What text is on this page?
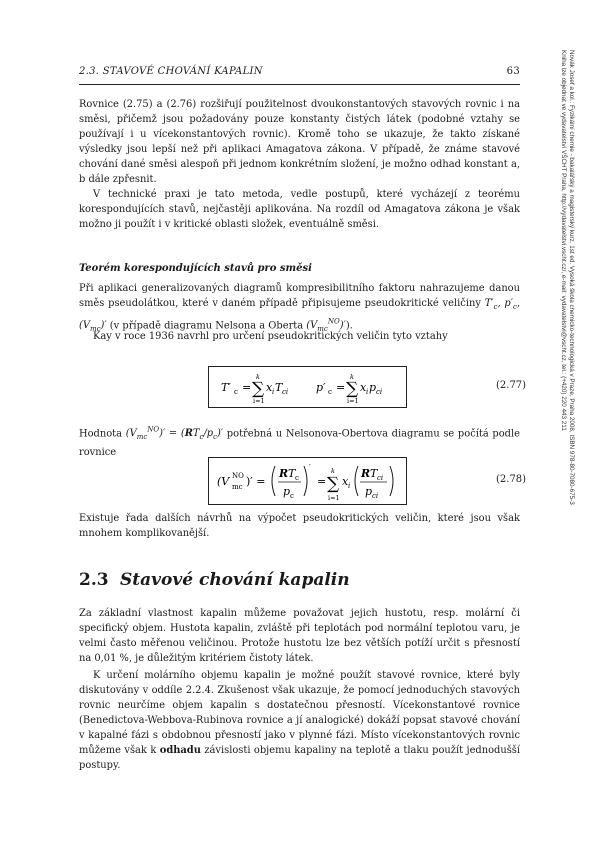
2.3. STAVOVÉ CHOVÁNÍ KAPALIN	63

Rovnice (2.75) a (2.76) rozšiřují použitelnost dvoukonstantových stavových rovnic i na směsi, přičemž jsou požadovány pouze konstanty čistých látek (podobné vztahy se používají i u vícekonstantových rovnic). Kromě toho se ukazuje, že takto získané výsledky jsou lepší než při aplikaci Amagatova zákona. V případě, že známe stavové chování dané směsi alespoň při jednom konkrétním složení, je možno odhad konstant a, b dále zpřesnit.

V technické praxi je tato metoda, vedle postupů, které vycházejí z teorému korespondujících stavů, nejčastěji aplikována. Na rozdíl od Amagatova zákona je však možno ji použít i v kritické oblasti složek, eventuálně směsi.

Teorém korespondujících stavů pro směsi

Při aplikaci generalizovaných diagramů kompresibilitního faktoru nahrazujeme danou směs pseudolátkou, které v daném případě připisujeme pseudokritické veličiny $T'_c$, $p'_c$, $(V_{mc})'$ (v případě diagramu Nelsona a Oberta $(V_{mc}^{NO})'$).

Kay v roce 1936 navrhl pro určení pseudokritických veličin tyto vztahy

T′ c = ∑
k
i=1
x i T ci	p′ c = ∑
k
i=1
x i p ci
(2.77)

Hodnota $(V_{mc}^{NO})' = (RT_c/p_c)'$ potřebná u Nelsonova-Obertova diagramu se počítá podle rovnice

(V mc
NO )′ =
R T c
p c
′
= ∑
k
i=1
x i
R T ci
p ci
(2.78)

Existuje řada dalších návrhů na výpočet pseudokritických veličin, které jsou však mnohem komplikovanější.

2.3 Stavové chování kapalin

Za základní vlastnost kapalin můžeme považovat jejich hustotu, resp. molární či specifický objem. Hustota kapalin, zvláště při teplotách pod normální teplotou varu, je velmi často měřenou veličinou. Protože hustotu lze bez větších potíží určit s přesností na 0,01 %, je důležitým kritériem čistoty látek.

K určení molárního objemu kapalin je možné použít stavové rovnice, které byly diskutovány v oddíle 2.2.4. Zkušenost však ukazuje, že pomocí jednoduchých stavových rovnic neurčíme objem kapalin s dostatečnou přesností. Vícekonstantové rovnice (Benedictova-Webbova-Rubinova rovnice a jí analogické) dokáží popsat stavové chování v kapalné fázi s obdobnou přesností jako v plynné fázi. Místo vícekonstantových rovnic můžeme však k odhadu závislosti objemu kapaliny na teplotě a tlaku použít jednodušší postupy.

Novák Josef a kol.: Fyzikální chemie - bakalářský a magisterský kurz. 1st ed. Vysoká škola chemicko-technologická v Praze, Praha 2008, ISBN 978-80-7080-675-3
Kniha lze objednat ve vydavatelství VŠCHT Praha, http://vydavatelstvi.vscht.cz/, e-mail: vydavatelstvi@vscht.cz, tel.: (+420) 220 443 211
